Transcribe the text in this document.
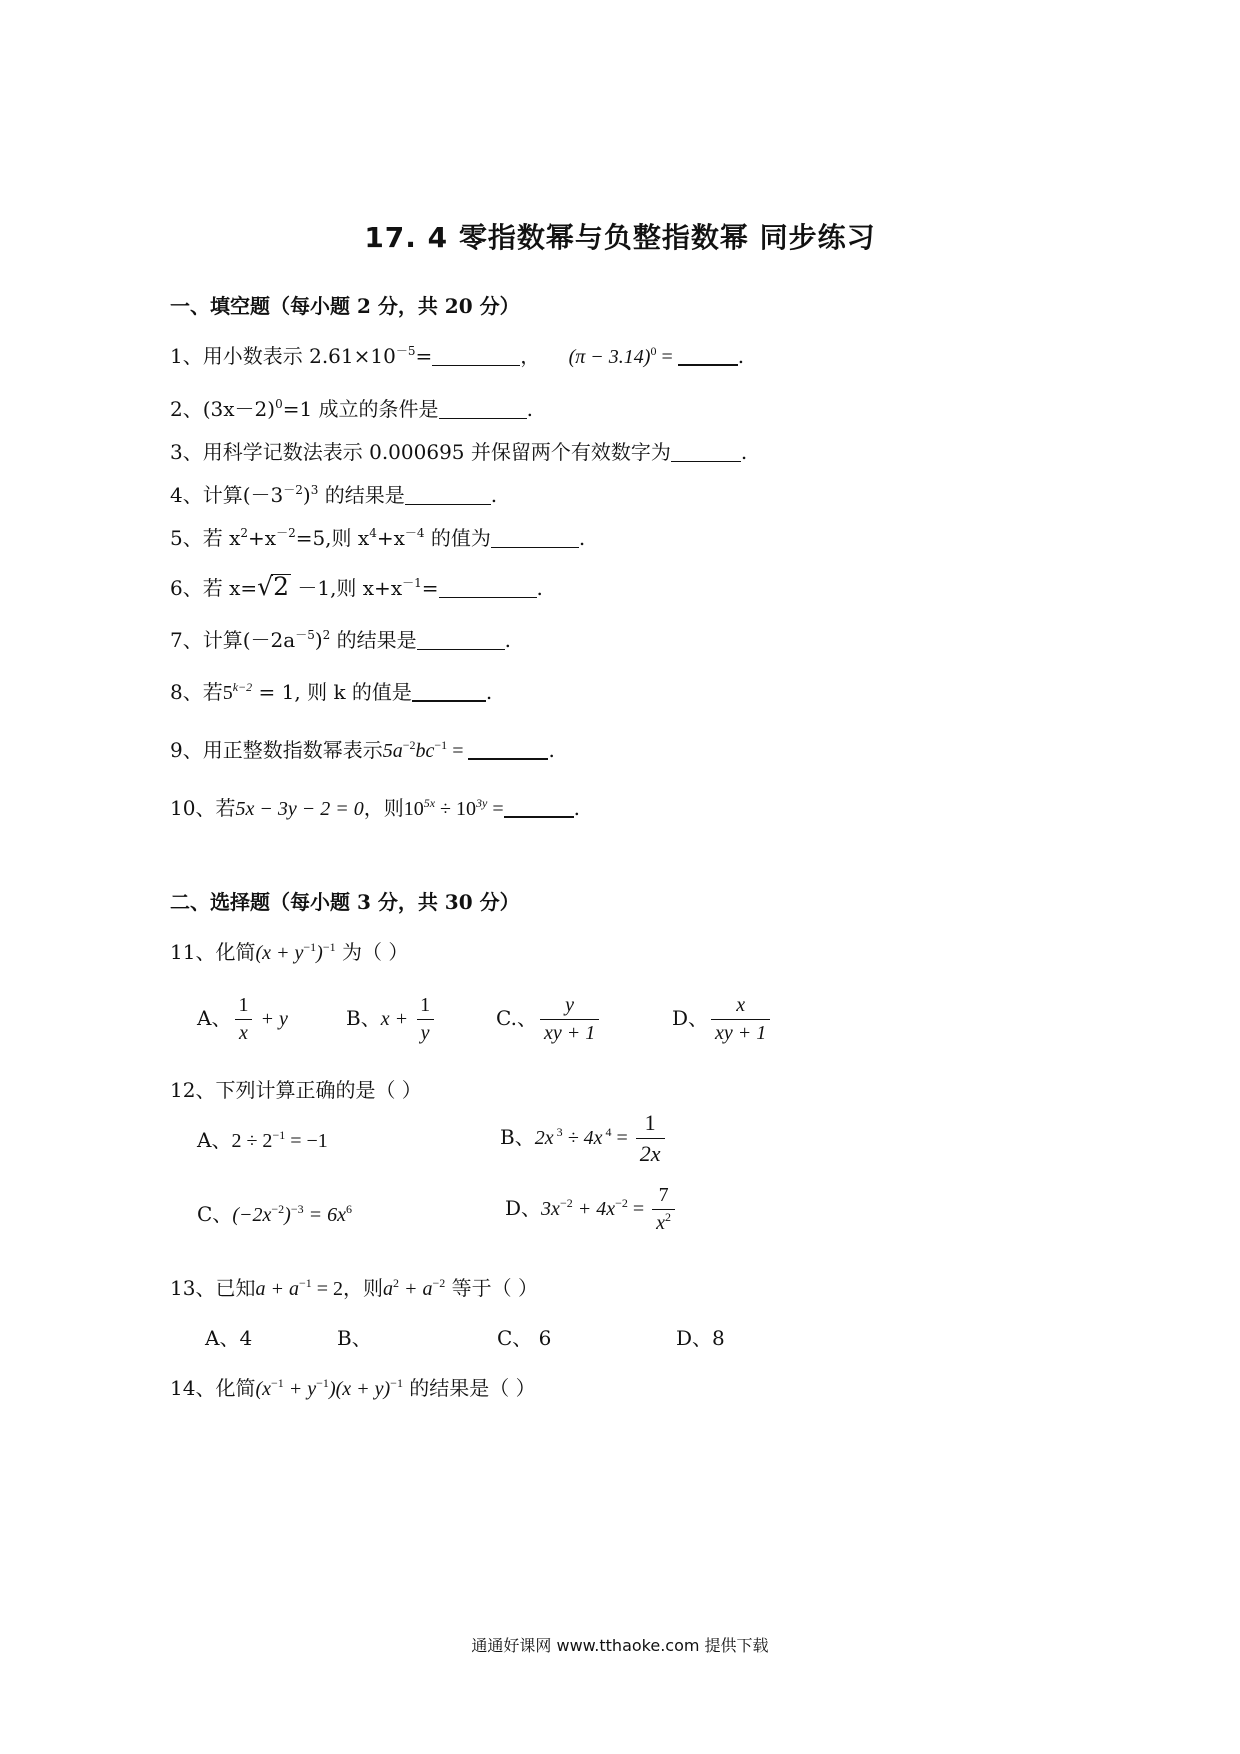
17. 4 零指数幂与负整指数幂 同步练习
一、填空题（每小题 2 分，共 20 分）
1、用小数表示 $2.61\times 10^{-5}=$	， $(\pi - 3.14)^0$ =	.
2、$(3x-2)^0=1$ 成立的条件是	.
3、用科学记数法表示 0.000695 并保留两个有效数字为	.
4、计算$(-3^{-2})^3$ 的结果是	.
5、若 $x^2+x^{-2}=5$,则 $x^4+x^{-4}$ 的值为	.
6、若 x=√2 －1,则 $x+x^{-1}=$	.
7、计算$(-2a^{-5})^2$ 的结果是	.
8、若$5^{k-2} = 1$, 则 k 的值是	.
9、用正整数指数幂表示$5a^{-2}bc^{-1}$ =	.
10、若5x − 3y − 2 = 0，则$10^{5x} \div 10^{3y}$ =	.
二、选择题（每小题 3 分，共 30 分）
11、化简$(x + y^{-1})^{-1}$ 为（ ）
A、 $\frac{1}{x} + y$	B、$x + \frac{1}{y}$	C.、 $\frac{y}{xy + 1}$	D、 $\frac{x}{xy + 1}$
12、下列计算正确的是（ ）
A、$2 \div 2^{-1} = -1$	B、2x $^3$ ÷ 4x $^4 = \frac{1}{2x}$
C、$(-2x^{-2})^{-3} = 6x^6$	D、$3x^{-2} + 4x^{-2} = \frac{7}{x^2}$
13、已知$a + a^{-1} = 2$，则$a^2 + a^{-2}$ 等于（ ）
A、4	B、	C、 6	D、8
14、化简$(x^{-1} + y^{-1})(x + y)^{-1}$ 的结果是（ ）
通通好课网 www.tthaoke.com 提供下载
